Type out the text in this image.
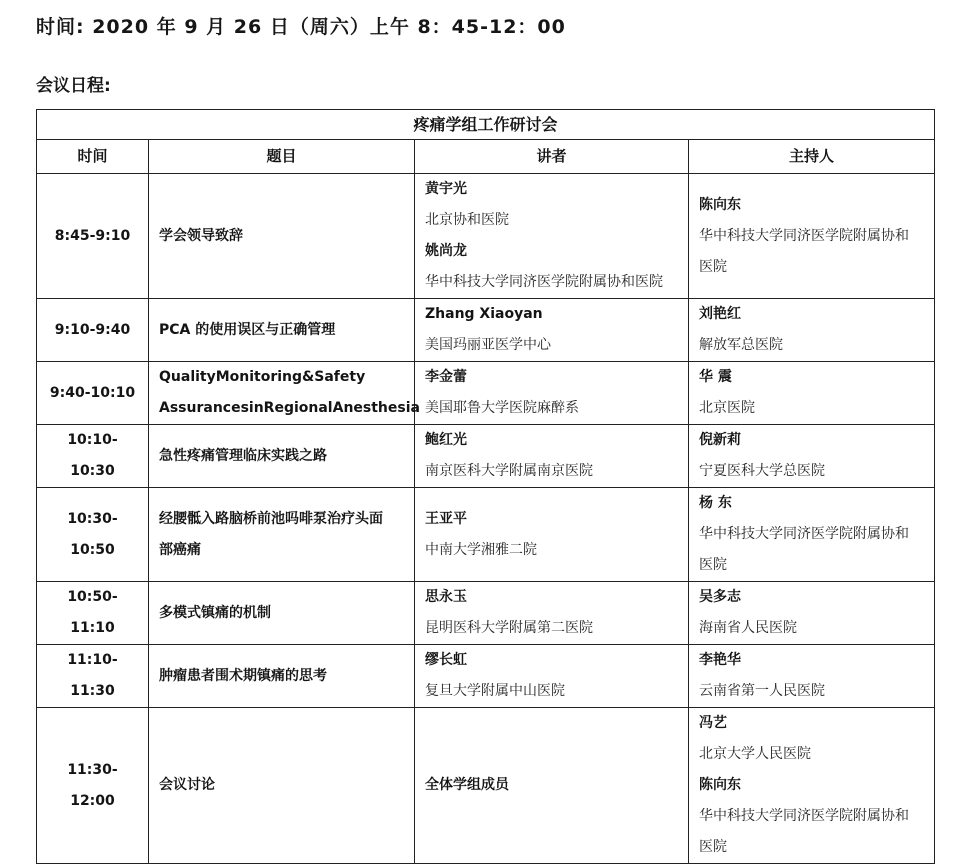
时间: 2020 年 9 月 26 日（周六）上午 8：45-12：00

会议日程:

疼痛学组工作研讨会			
时间	题目	讲者	主持人
8:45-9:10	学会领导致辞	黄宇光
北京协和医院
姚尚龙
华中科技大学同济医学院附属协和医院	陈向东
华中科技大学同济医学院附属协和
医院

9:10-9:40	PCA 的使用误区与正确管理	Zhang Xiaoyan
美国玛丽亚医学中心	刘艳红
解放军总医院

9:40-10:10	QualityMonitoring&Safety
AssurancesinRegionalAnesthesia	李金蕾
美国耶鲁大学医院麻醉系	华 震
北京医院

10:10-10:30	急性疼痛管理临床实践之路	鲍红光
南京医科大学附属南京医院	倪新莉
宁夏医科大学总医院

10:30-10:50	经腰骶入路脑桥前池吗啡泵治疗头面
部癌痛	王亚平
中南大学湘雅二院	杨 东
华中科技大学同济医学院附属协和
医院

10:50-11:10	多模式镇痛的机制	思永玉
昆明医科大学附属第二医院	吴多志
海南省人民医院

11:10-11:30	肿瘤患者围术期镇痛的思考	缪长虹
复旦大学附属中山医院	李艳华
云南省第一人民医院

11:30-12:00	会议讨论	全体学组成员	冯艺
北京大学人民医院
陈向东
华中科技大学同济医学院附属协和
医院
